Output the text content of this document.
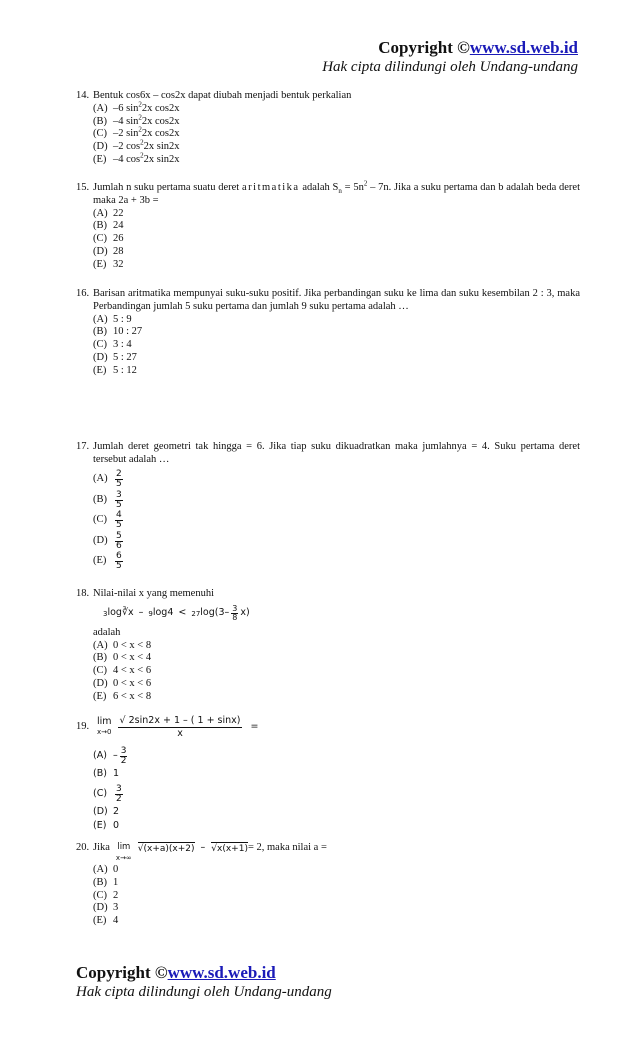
Copyright ©www.sd.web.id
Hak cipta dilindungi oleh Undang-undang
14. Bentuk cos6x – cos2x dapat diubah menjadi bentuk perkalian
(A) –6 $\sin^22x$ cos2x
(B) –4 $\sin^22x$ cos2x
(C) –2 $\sin^22x$ cos2x
(D) –2 $\cos^22x$ sin2x
(E) –4 $\cos^22x$ sin2x
15. Jumlah n suku pertama suatu deret aritmatika adalah $S_n = 5n^2 - 7n$. Jika a suku pertama dan b adalah beda deret maka 2a + 3b =
(A) 22
(B) 24
(C) 26
(D) 28
(E) 32
16. Barisan aritmatika mempunyai suku-suku positif. Jika perbandingan suku ke lima dan suku kesembilan 2 : 3, maka Perbandingan jumlah 5 suku pertama dan jumlah 9 suku pertama adalah …
(A) 5 : 9
(B) 10 : 27
(C) 3 : 4
(D) 5 : 27
(E) 5 : 12
17. Jumlah deret geometri tak hingga = 6. Jika tiap suku dikuadratkan maka jumlahnya = 4. Suku pertama deret tersebut adalah …
$(A) \frac{2}{5}$
$(B) \frac{3}{5}$
$(C) \frac{4}{5}$
$(D) \frac{5}{6}$
$(E) \frac{6}{5}$
18. Nilai-nilai x yang memenuhi
3 log ∛x – 9 log4 < 27 $\log(3- \frac{3}{8} x)$
adalah
(A) 0 < x < 8
(B) 0 < x < 4
(C) 4 < x < 6
(D) 0 < x < 6
(E) 6 < x < 8
19. lim
$x\to 0 \frac{√ 2\sin 2x + 1 - ( 1 + \sin x)}{x}$ =
$(A) - \frac{3}{2}$
(B) 1
$(C) \frac{3}{2}$
(D) 2
(E) 0
20. Jika lim
x→∞
√(x+a)(x+2) – √x(x+1) = 2, maka nilai a =
(A) 0
(B) 1
(C) 2
(D) 3
(E) 4
Copyright ©www.sd.web.id
Hak cipta dilindungi oleh Undang-undang
